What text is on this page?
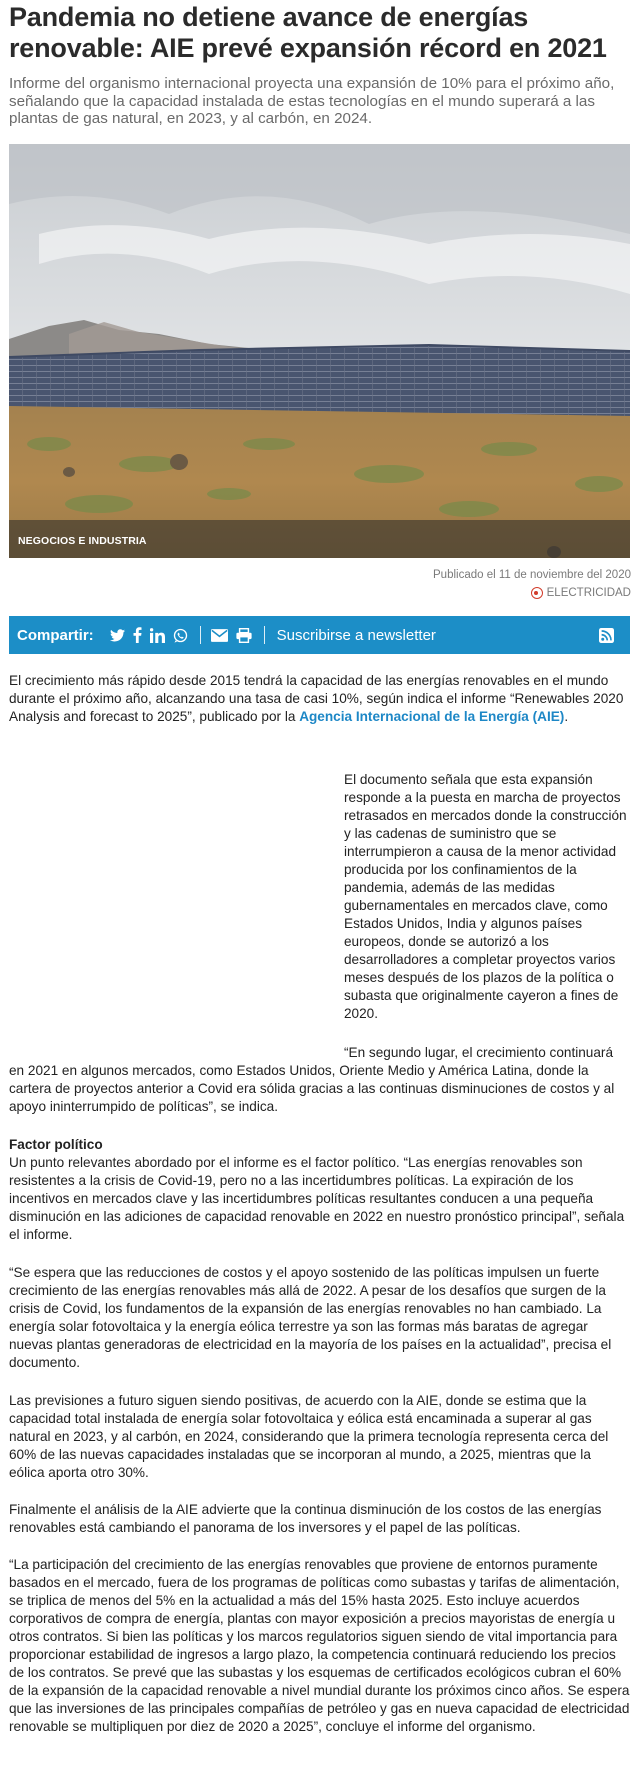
Pandemia no detiene avance de energías renovable: AIE prevé expansión récord en 2021

Informe del organismo internacional proyecta una expansión de 10% para el próximo año, señalando que la capacidad instalada de estas tecnologías en el mundo superará a las plantas de gas natural, en 2023, y al carbón, en 2024.

NEGOCIOS E INDUSTRIA
Publicado el 11 de noviembre del 2020
ELECTRICIDAD
Compartir:	Suscribirse a newsletter

El crecimiento más rápido desde 2015 tendrá la capacidad de las energías renovables en el mundo durante el próximo año, alcanzando una tasa de casi 10%, según indica el informe “Renewables 2020 Analysis and forecast to 2025”, publicado por la Agencia Internacional de la Energía (AIE).

El documento señala que esta expansión responde a la puesta en marcha de proyectos retrasados en mercados donde la construcción y las cadenas de suministro que se interrumpieron a causa de la menor actividad producida por los confinamientos de la pandemia, además de las medidas gubernamentales en mercados clave, como Estados Unidos, India y algunos países europeos, donde se autorizó a los desarrolladores a completar proyectos varios meses después de los plazos de la política o subasta que originalmente cayeron a fines de 2020.

“En segundo lugar, el crecimiento continuará en 2021 en algunos mercados, como Estados Unidos, Oriente Medio y América Latina, donde la cartera de proyectos anterior a Covid era sólida gracias a las continuas disminuciones de costos y al apoyo ininterrumpido de políticas”, se indica.

Factor político

Un punto relevantes abordado por el informe es el factor político. “Las energías renovables son resistentes a la crisis de Covid-19, pero no a las incertidumbres políticas. La expiración de los incentivos en mercados clave y las incertidumbres políticas resultantes conducen a una pequeña disminución en las adiciones de capacidad renovable en 2022 en nuestro pronóstico principal”, señala el informe.

“Se espera que las reducciones de costos y el apoyo sostenido de las políticas impulsen un fuerte crecimiento de las energías renovables más allá de 2022. A pesar de los desafíos que surgen de la crisis de Covid, los fundamentos de la expansión de las energías renovables no han cambiado. La energía solar fotovoltaica y la energía eólica terrestre ya son las formas más baratas de agregar nuevas plantas generadoras de electricidad en la mayoría de los países en la actualidad”, precisa el documento.

Las previsiones a futuro siguen siendo positivas, de acuerdo con la AIE, donde se estima que la capacidad total instalada de energía solar fotovoltaica y eólica está encaminada a superar al gas natural en 2023, y al carbón, en 2024, considerando que la primera tecnología representa cerca del 60% de las nuevas capacidades instaladas que se incorporan al mundo, a 2025, mientras que la eólica aporta otro 30%.

Finalmente el análisis de la AIE advierte que la continua disminución de los costos de las energías renovables está cambiando el panorama de los inversores y el papel de las políticas.

“La participación del crecimiento de las energías renovables que proviene de entornos puramente basados en el mercado, fuera de los programas de políticas como subastas y tarifas de alimentación, se triplica de menos del 5% en la actualidad a más del 15% hasta 2025. Esto incluye acuerdos corporativos de compra de energía, plantas con mayor exposición a precios mayoristas de energía u otros contratos. Si bien las políticas y los marcos regulatorios siguen siendo de vital importancia para proporcionar estabilidad de ingresos a largo plazo, la competencia continuará reduciendo los precios de los contratos. Se prevé que las subastas y los esquemas de certificados ecológicos cubran el 60% de la expansión de la capacidad renovable a nivel mundial durante los próximos cinco años. Se espera que las inversiones de las principales compañías de petróleo y gas en nueva capacidad de electricidad renovable se multipliquen por diez de 2020 a 2025”, concluye el informe del organismo.
